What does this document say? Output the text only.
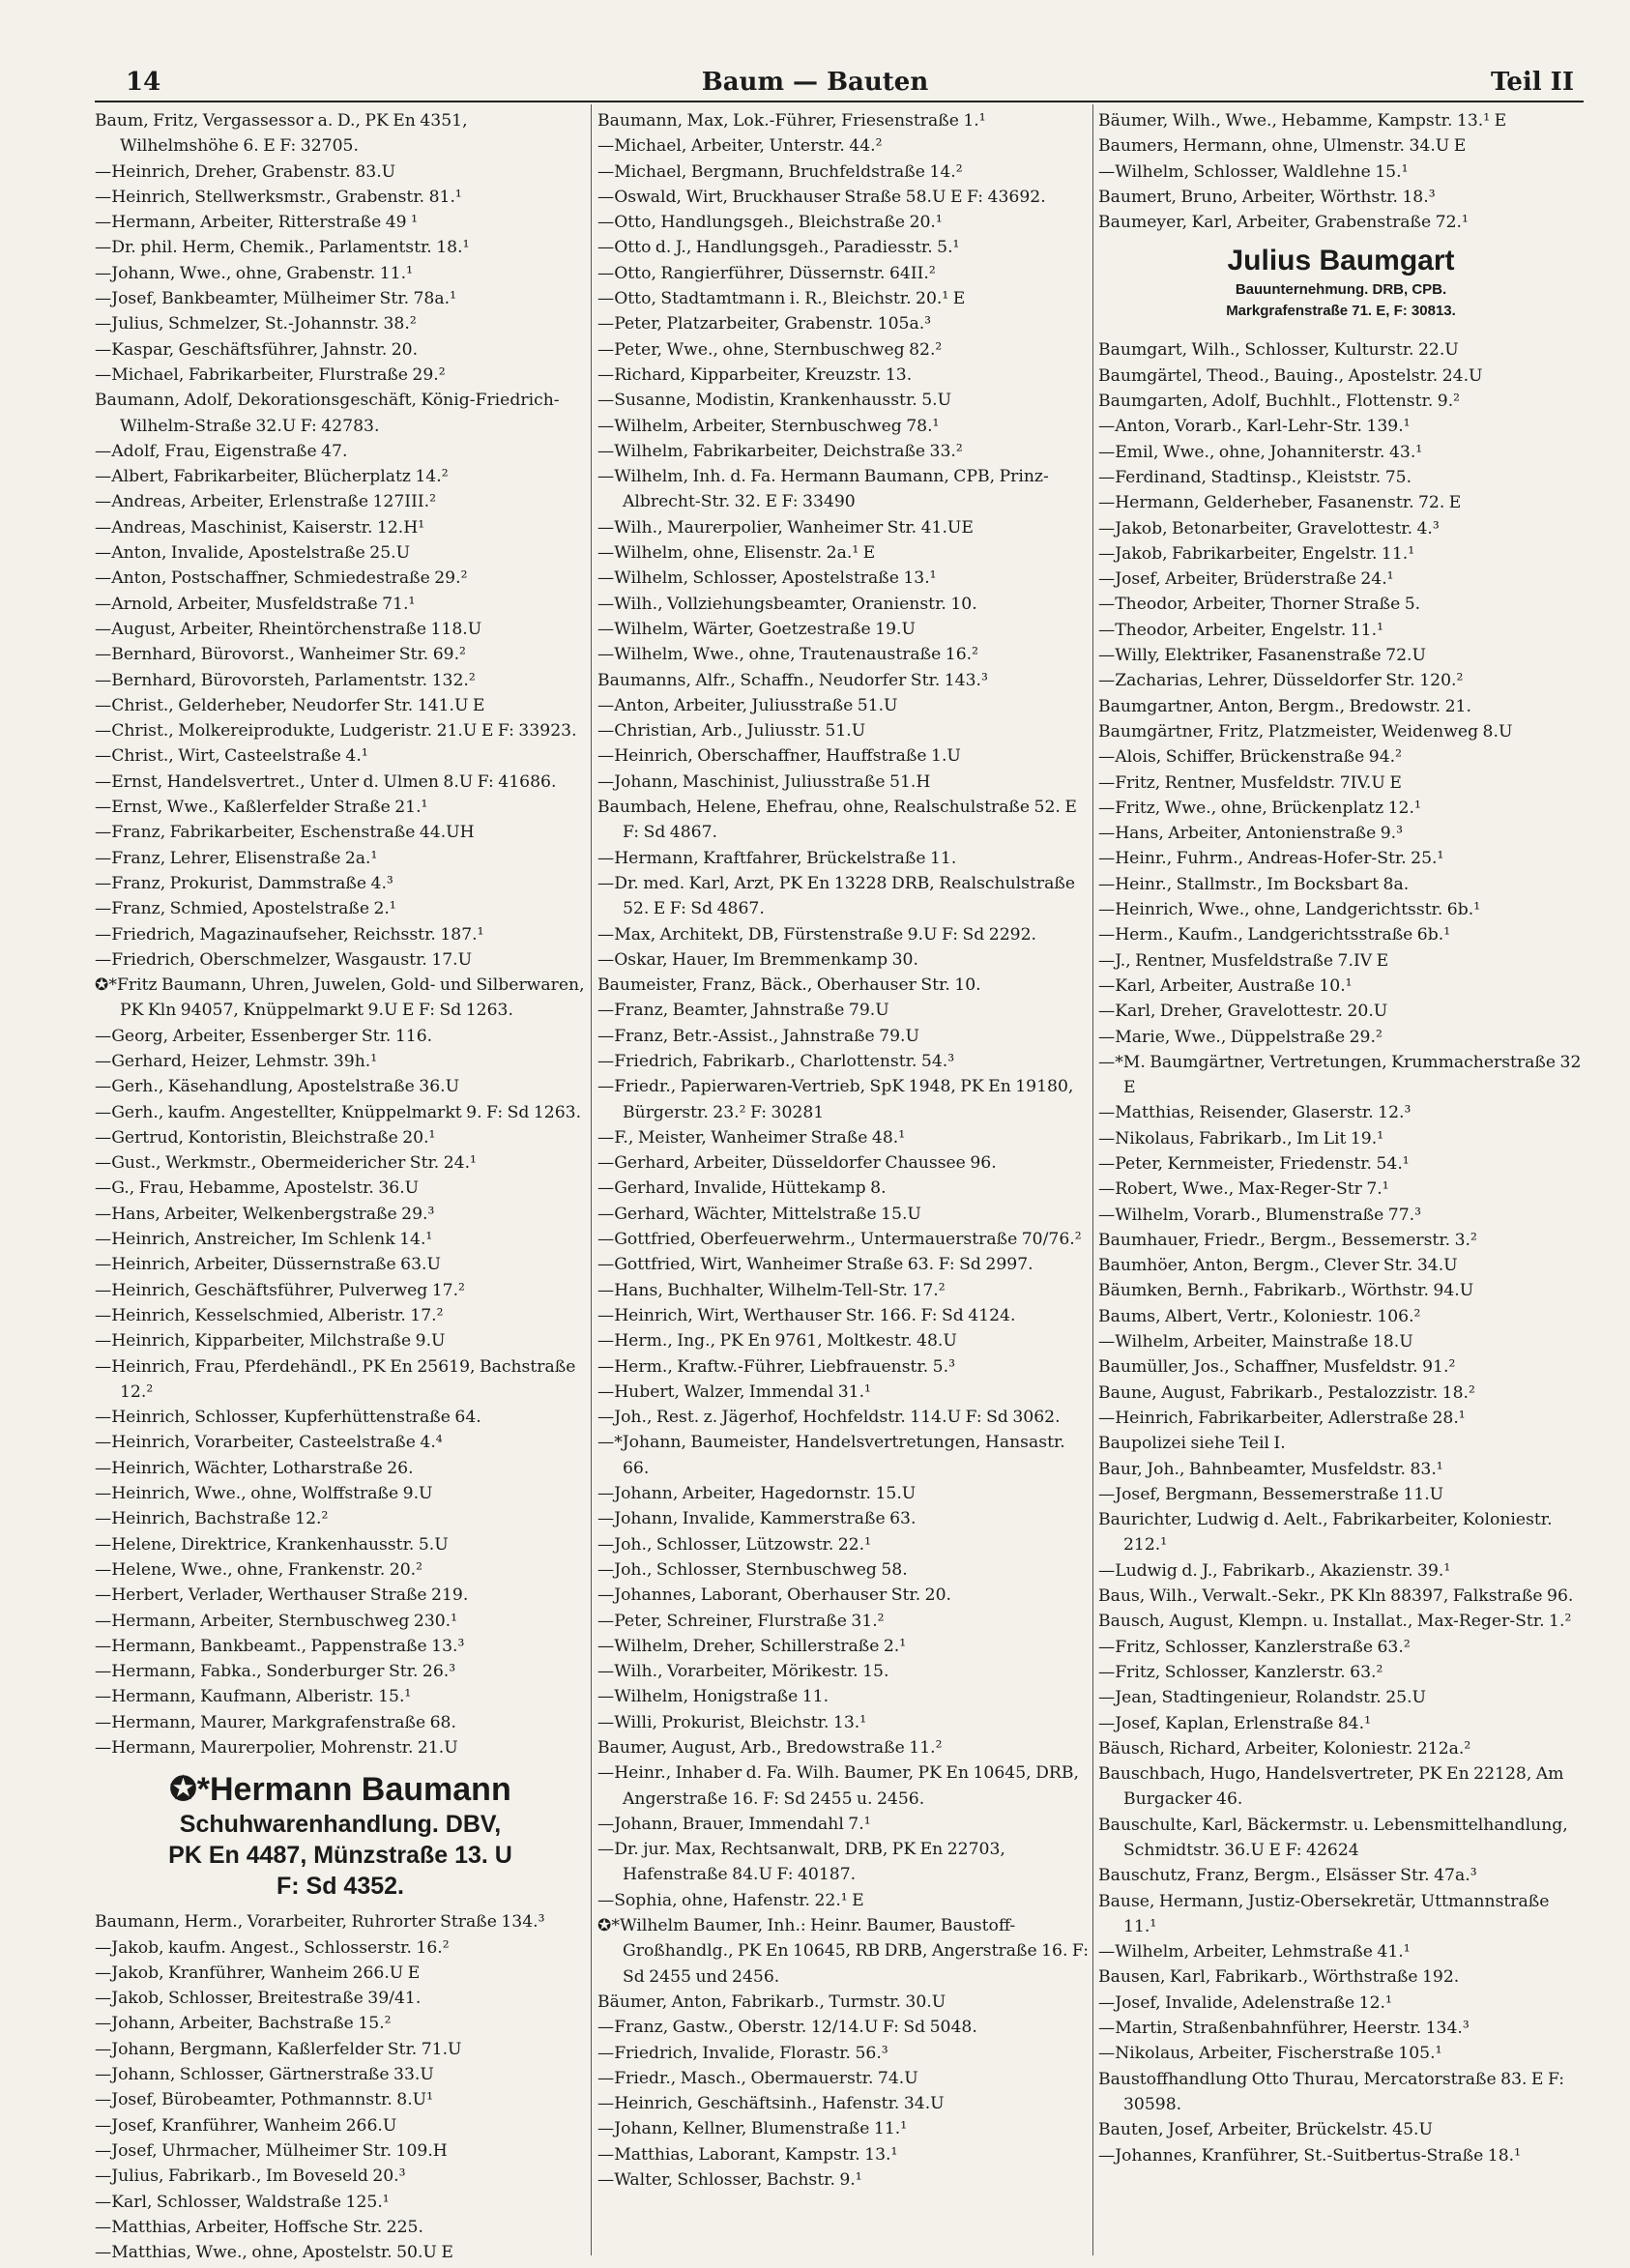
14	Baum — Bauten	Teil II

Baum, Fritz, Vergassessor a. D., PK En 4351, Wilhelmshöhe 6. E F: 32705.

—Heinrich, Dreher, Grabenstr. 83.U

—Heinrich, Stellwerksmstr., Grabenstr. 81.¹

—Hermann, Arbeiter, Ritterstraße 49 ¹

—Dr. phil. Herm, Chemik., Parlamentstr. 18.¹

—Johann, Wwe., ohne, Grabenstr. 11.¹

—Josef, Bankbeamter, Mülheimer Str. 78a.¹

—Julius, Schmelzer, St.-Johannstr. 38.²

—Kaspar, Geschäftsführer, Jahnstr. 20.

—Michael, Fabrikarbeiter, Flurstraße 29.²

Baumann, Adolf, Dekorationsgeschäft, König-Friedrich-Wilhelm-Straße 32.U F: 42783.

—Adolf, Frau, Eigenstraße 47.

—Albert, Fabrikarbeiter, Blücherplatz 14.²

—Andreas, Arbeiter, Erlenstraße 127III.²

—Andreas, Maschinist, Kaiserstr. 12.H¹

—Anton, Invalide, Apostelstraße 25.U

—Anton, Postschaffner, Schmiedestraße 29.²

—Arnold, Arbeiter, Musfeldstraße 71.¹

—August, Arbeiter, Rheintörchenstraße 118.U

—Bernhard, Bürovorst., Wanheimer Str. 69.²

—Bernhard, Bürovorsteh, Parlamentstr. 132.²

—Christ., Gelderheber, Neudorfer Str. 141.U E

—Christ., Molkereiprodukte, Ludgeristr. 21.U E F: 33923.

—Christ., Wirt, Casteelstraße 4.¹

—Ernst, Handelsvertret., Unter d. Ulmen 8.U F: 41686.

—Ernst, Wwe., Kaßlerfelder Straße 21.¹

—Franz, Fabrikarbeiter, Eschenstraße 44.UH

—Franz, Lehrer, Elisenstraße 2a.¹

—Franz, Prokurist, Dammstraße 4.³

—Franz, Schmied, Apostelstraße 2.¹

—Friedrich, Magazinaufseher, Reichsstr. 187.¹

—Friedrich, Oberschmelzer, Wasgaustr. 17.U

✪*Fritz Baumann, Uhren, Juwelen, Gold- und Silberwaren, PK Kln 94057, Knüppelmarkt 9.U E F: Sd 1263.

—Georg, Arbeiter, Essenberger Str. 116.

—Gerhard, Heizer, Lehmstr. 39h.¹

—Gerh., Käsehandlung, Apostelstraße 36.U

—Gerh., kaufm. Angestellter, Knüppelmarkt 9. F: Sd 1263.

—Gertrud, Kontoristin, Bleichstraße 20.¹

—Gust., Werkmstr., Obermeidericher Str. 24.¹

—G., Frau, Hebamme, Apostelstr. 36.U

—Hans, Arbeiter, Welkenbergstraße 29.³

—Heinrich, Anstreicher, Im Schlenk 14.¹

—Heinrich, Arbeiter, Düssernstraße 63.U

—Heinrich, Geschäftsführer, Pulverweg 17.²

—Heinrich, Kesselschmied, Alberistr. 17.²

—Heinrich, Kipparbeiter, Milchstraße 9.U

—Heinrich, Frau, Pferdehändl., PK En 25619, Bachstraße 12.²

—Heinrich, Schlosser, Kupferhüttenstraße 64.

—Heinrich, Vorarbeiter, Casteelstraße 4.⁴

—Heinrich, Wächter, Lotharstraße 26.

—Heinrich, Wwe., ohne, Wolffstraße 9.U

—Heinrich, Bachstraße 12.²

—Helene, Direktrice, Krankenhausstr. 5.U

—Helene, Wwe., ohne, Frankenstr. 20.²

—Herbert, Verlader, Werthauser Straße 219.

—Hermann, Arbeiter, Sternbuschweg 230.¹

—Hermann, Bankbeamt., Pappenstraße 13.³

—Hermann, Fabka., Sonderburger Str. 26.³

—Hermann, Kaufmann, Alberistr. 15.¹

—Hermann, Maurer, Markgrafenstraße 68.

—Hermann, Maurerpolier, Mohrenstr. 21.U

✪*Hermann Baumann
Schuhwarenhandlung. DBV,
PK En 4487, Münzstraße 13. U
F: Sd 4352.

Baumann, Herm., Vorarbeiter, Ruhrorter Straße 134.³

—Jakob, kaufm. Angest., Schlosserstr. 16.²

—Jakob, Kranführer, Wanheim 266.U E

—Jakob, Schlosser, Breitestraße 39/41.

—Johann, Arbeiter, Bachstraße 15.²

—Johann, Bergmann, Kaßlerfelder Str. 71.U

—Johann, Schlosser, Gärtnerstraße 33.U

—Josef, Bürobeamter, Pothmannstr. 8.U¹

—Josef, Kranführer, Wanheim 266.U

—Josef, Uhrmacher, Mülheimer Str. 109.H

—Julius, Fabrikarb., Im Boveseld 20.³

—Karl, Schlosser, Waldstraße 125.¹

—Matthias, Arbeiter, Hoffsche Str. 225.

—Matthias, Wwe., ohne, Apostelstr. 50.U E

Baumann, Max, Lok.-Führer, Friesenstraße 1.¹

—Michael, Arbeiter, Unterstr. 44.²

—Michael, Bergmann, Bruchfeldstraße 14.²

—Oswald, Wirt, Bruckhauser Straße 58.U E F: 43692.

—Otto, Handlungsgeh., Bleichstraße 20.¹

—Otto d. J., Handlungsgeh., Paradiesstr. 5.¹

—Otto, Rangierführer, Düssernstr. 64II.²

—Otto, Stadtamtmann i. R., Bleichstr. 20.¹ E

—Peter, Platzarbeiter, Grabenstr. 105a.³

—Peter, Wwe., ohne, Sternbuschweg 82.²

—Richard, Kipparbeiter, Kreuzstr. 13.

—Susanne, Modistin, Krankenhausstr. 5.U

—Wilhelm, Arbeiter, Sternbuschweg 78.¹

—Wilhelm, Fabrikarbeiter, Deichstraße 33.²

—Wilhelm, Inh. d. Fa. Hermann Baumann, CPB, Prinz-Albrecht-Str. 32. E F: 33490

—Wilh., Maurerpolier, Wanheimer Str. 41.UE

—Wilhelm, ohne, Elisenstr. 2a.¹ E

—Wilhelm, Schlosser, Apostelstraße 13.¹

—Wilh., Vollziehungsbeamter, Oranienstr. 10.

—Wilhelm, Wärter, Goetzestraße 19.U

—Wilhelm, Wwe., ohne, Trautenaustraße 16.²

Baumanns, Alfr., Schaffn., Neudorfer Str. 143.³

—Anton, Arbeiter, Juliusstraße 51.U

—Christian, Arb., Juliusstr. 51.U

—Heinrich, Oberschaffner, Hauffstraße 1.U

—Johann, Maschinist, Juliusstraße 51.H

Baumbach, Helene, Ehefrau, ohne, Realschulstraße 52. E F: Sd 4867.

—Hermann, Kraftfahrer, Brückelstraße 11.

—Dr. med. Karl, Arzt, PK En 13228 DRB, Realschulstraße 52. E F: Sd 4867.

—Max, Architekt, DB, Fürstenstraße 9.U F: Sd 2292.

—Oskar, Hauer, Im Bremmenkamp 30.

Baumeister, Franz, Bäck., Oberhauser Str. 10.

—Franz, Beamter, Jahnstraße 79.U

—Franz, Betr.-Assist., Jahnstraße 79.U

—Friedrich, Fabrikarb., Charlottenstr. 54.³

—Friedr., Papierwaren-Vertrieb, SpK 1948, PK En 19180, Bürgerstr. 23.² F: 30281

—F., Meister, Wanheimer Straße 48.¹

—Gerhard, Arbeiter, Düsseldorfer Chaussee 96.

—Gerhard, Invalide, Hüttekamp 8.

—Gerhard, Wächter, Mittelstraße 15.U

—Gottfried, Oberfeuerwehrm., Untermauerstraße 70/76.²

—Gottfried, Wirt, Wanheimer Straße 63. F: Sd 2997.

—Hans, Buchhalter, Wilhelm-Tell-Str. 17.²

—Heinrich, Wirt, Werthauser Str. 166. F: Sd 4124.

—Herm., Ing., PK En 9761, Moltkestr. 48.U

—Herm., Kraftw.-Führer, Liebfrauenstr. 5.³

—Hubert, Walzer, Immendal 31.¹

—Joh., Rest. z. Jägerhof, Hochfeldstr. 114.U F: Sd 3062.

—*Johann, Baumeister, Handelsvertretungen, Hansastr. 66.

—Johann, Arbeiter, Hagedornstr. 15.U

—Johann, Invalide, Kammerstraße 63.

—Joh., Schlosser, Lützowstr. 22.¹

—Joh., Schlosser, Sternbuschweg 58.

—Johannes, Laborant, Oberhauser Str. 20.

—Peter, Schreiner, Flurstraße 31.²

—Wilhelm, Dreher, Schillerstraße 2.¹

—Wilh., Vorarbeiter, Mörikestr. 15.

—Wilhelm, Honigstraße 11.

—Willi, Prokurist, Bleichstr. 13.¹

Baumer, August, Arb., Bredowstraße 11.²

—Heinr., Inhaber d. Fa. Wilh. Baumer, PK En 10645, DRB, Angerstraße 16. F: Sd 2455 u. 2456.

—Johann, Brauer, Immendahl 7.¹

—Dr. jur. Max, Rechtsanwalt, DRB, PK En 22703, Hafenstraße 84.U F: 40187.

—Sophia, ohne, Hafenstr. 22.¹ E

✪*Wilhelm Baumer, Inh.: Heinr. Baumer, Baustoff-Großhandlg., PK En 10645, RB DRB, Angerstraße 16. F: Sd 2455 und 2456.

Bäumer, Anton, Fabrikarb., Turmstr. 30.U

—Franz, Gastw., Oberstr. 12/14.U F: Sd 5048.

—Friedrich, Invalide, Florastr. 56.³

—Friedr., Masch., Obermauerstr. 74.U

—Heinrich, Geschäftsinh., Hafenstr. 34.U

—Johann, Kellner, Blumenstraße 11.¹

—Matthias, Laborant, Kampstr. 13.¹

—Walter, Schlosser, Bachstr. 9.¹

Bäumer, Wilh., Wwe., Hebamme, Kampstr. 13.¹ E

Baumers, Hermann, ohne, Ulmenstr. 34.U E

—Wilhelm, Schlosser, Waldlehne 15.¹

Baumert, Bruno, Arbeiter, Wörthstr. 18.³

Baumeyer, Karl, Arbeiter, Grabenstraße 72.¹

Julius Baumgart
Bauunternehmung. DRB, CPB.
Markgrafenstraße 71. E, F: 30813.

Baumgart, Wilh., Schlosser, Kulturstr. 22.U

Baumgärtel, Theod., Bauing., Apostelstr. 24.U

Baumgarten, Adolf, Buchhlt., Flottenstr. 9.²

—Anton, Vorarb., Karl-Lehr-Str. 139.¹

—Emil, Wwe., ohne, Johanniterstr. 43.¹

—Ferdinand, Stadtinsp., Kleiststr. 75.

—Hermann, Gelderheber, Fasanenstr. 72. E

—Jakob, Betonarbeiter, Gravelottestr. 4.³

—Jakob, Fabrikarbeiter, Engelstr. 11.¹

—Josef, Arbeiter, Brüderstraße 24.¹

—Theodor, Arbeiter, Thorner Straße 5.

—Theodor, Arbeiter, Engelstr. 11.¹

—Willy, Elektriker, Fasanenstraße 72.U

—Zacharias, Lehrer, Düsseldorfer Str. 120.²

Baumgartner, Anton, Bergm., Bredowstr. 21.

Baumgärtner, Fritz, Platzmeister, Weidenweg 8.U

—Alois, Schiffer, Brückenstraße 94.²

—Fritz, Rentner, Musfeldstr. 7IV.U E

—Fritz, Wwe., ohne, Brückenplatz 12.¹

—Hans, Arbeiter, Antonienstraße 9.³

—Heinr., Fuhrm., Andreas-Hofer-Str. 25.¹

—Heinr., Stallmstr., Im Bocksbart 8a.

—Heinrich, Wwe., ohne, Landgerichtsstr. 6b.¹

—Herm., Kaufm., Landgerichtsstraße 6b.¹

—J., Rentner, Musfeldstraße 7.IV E

—Karl, Arbeiter, Austraße 10.¹

—Karl, Dreher, Gravelottestr. 20.U

—Marie, Wwe., Düppelstraße 29.²

—*M. Baumgärtner, Vertretungen, Krummacherstraße 32 E

—Matthias, Reisender, Glaserstr. 12.³

—Nikolaus, Fabrikarb., Im Lit 19.¹

—Peter, Kernmeister, Friedenstr. 54.¹

—Robert, Wwe., Max-Reger-Str 7.¹

—Wilhelm, Vorarb., Blumenstraße 77.³

Baumhauer, Friedr., Bergm., Bessemerstr. 3.²

Baumhöer, Anton, Bergm., Clever Str. 34.U

Bäumken, Bernh., Fabrikarb., Wörthstr. 94.U

Baums, Albert, Vertr., Koloniestr. 106.²

—Wilhelm, Arbeiter, Mainstraße 18.U

Baumüller, Jos., Schaffner, Musfeldstr. 91.²

Baune, August, Fabrikarb., Pestalozzistr. 18.²

—Heinrich, Fabrikarbeiter, Adlerstraße 28.¹

Baupolizei siehe Teil I.

Baur, Joh., Bahnbeamter, Musfeldstr. 83.¹

—Josef, Bergmann, Bessemerstraße 11.U

Baurichter, Ludwig d. Aelt., Fabrikarbeiter, Koloniestr. 212.¹

—Ludwig d. J., Fabrikarb., Akazienstr. 39.¹

Baus, Wilh., Verwalt.-Sekr., PK Kln 88397, Falkstraße 96.

Bausch, August, Klempn. u. Installat., Max-Reger-Str. 1.²

—Fritz, Schlosser, Kanzlerstraße 63.²

—Fritz, Schlosser, Kanzlerstr. 63.²

—Jean, Stadtingenieur, Rolandstr. 25.U

—Josef, Kaplan, Erlenstraße 84.¹

Bäusch, Richard, Arbeiter, Koloniestr. 212a.²

Bauschbach, Hugo, Handelsvertreter, PK En 22128, Am Burgacker 46.

Bauschulte, Karl, Bäckermstr. u. Lebensmittelhandlung, Schmidtstr. 36.U E F: 42624

Bauschutz, Franz, Bergm., Elsässer Str. 47a.³

Bause, Hermann, Justiz-Obersekretär, Uttmannstraße 11.¹

—Wilhelm, Arbeiter, Lehmstraße 41.¹

Bausen, Karl, Fabrikarb., Wörthstraße 192.

—Josef, Invalide, Adelenstraße 12.¹

—Martin, Straßenbahnführer, Heerstr. 134.³

—Nikolaus, Arbeiter, Fischerstraße 105.¹

Baustoffhandlung Otto Thurau, Mercatorstraße 83. E F: 30598.

Bauten, Josef, Arbeiter, Brückelstr. 45.U

—Johannes, Kranführer, St.-Suitbertus-Straße 18.¹
